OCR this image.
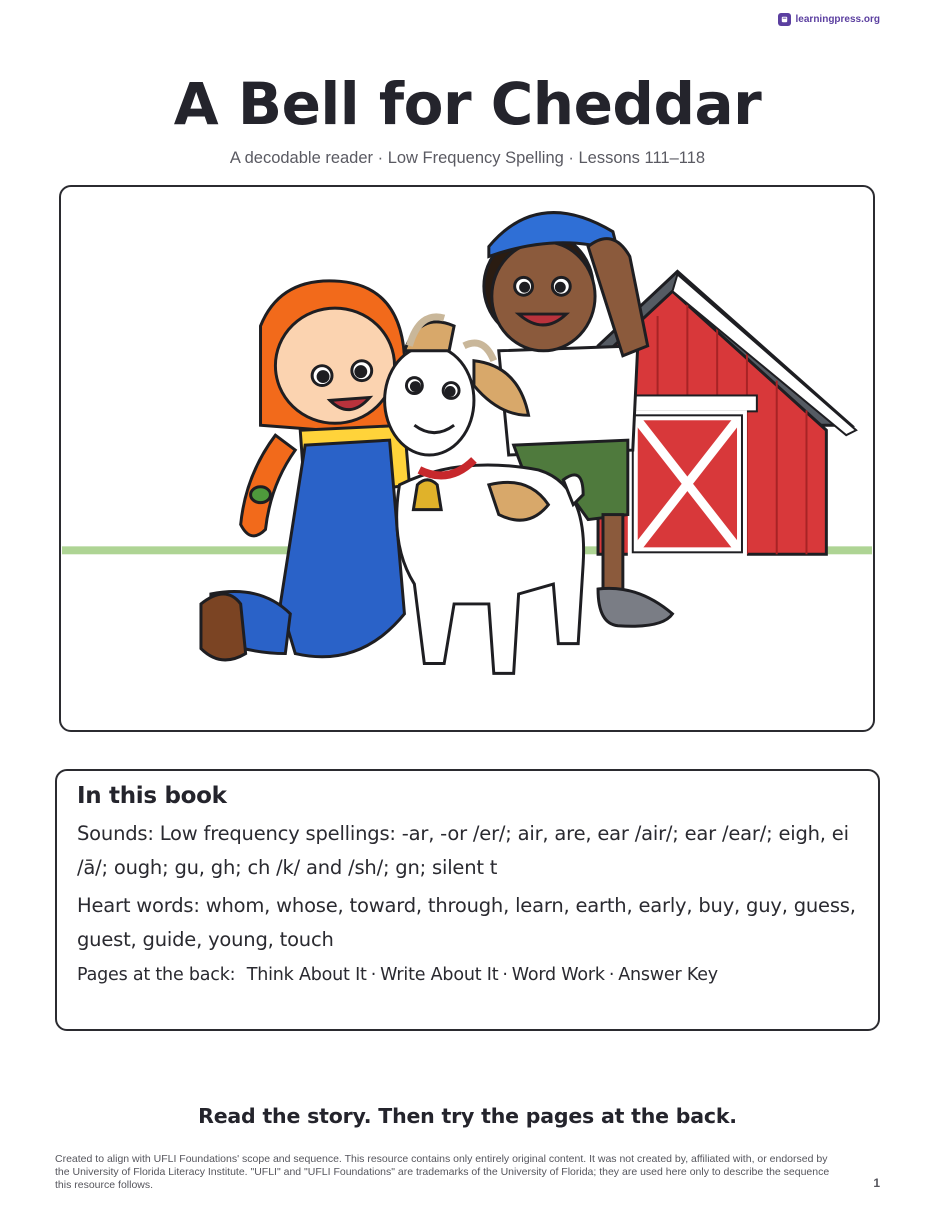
learningpress.org
A Bell for Cheddar
A decodable reader · Low Frequency Spelling · Lessons 111–118
In this book
Sounds: Low frequency spellings: -ar, -or /er/; air, are, ear /air/; ear /ear/; eigh, ei /ā/; ough; gu, gh; ch /k/ and /sh/; gn; silent t
Heart words: whom, whose, toward, through, learn, earth, early, buy, guy, guess, guest, guide, young, touch
Pages at the back: Think About It · Write About It · Word Work · Answer Key
Read the story. Then try the pages at the back.
Created to align with UFLI Foundations' scope and sequence. This resource contains only entirely original content. It was not created by, affiliated with, or endorsed by the University of Florida Literacy Institute. "UFLI" and "UFLI Foundations" are trademarks of the University of Florida; they are used here only to describe the sequence this resource follows.	1
